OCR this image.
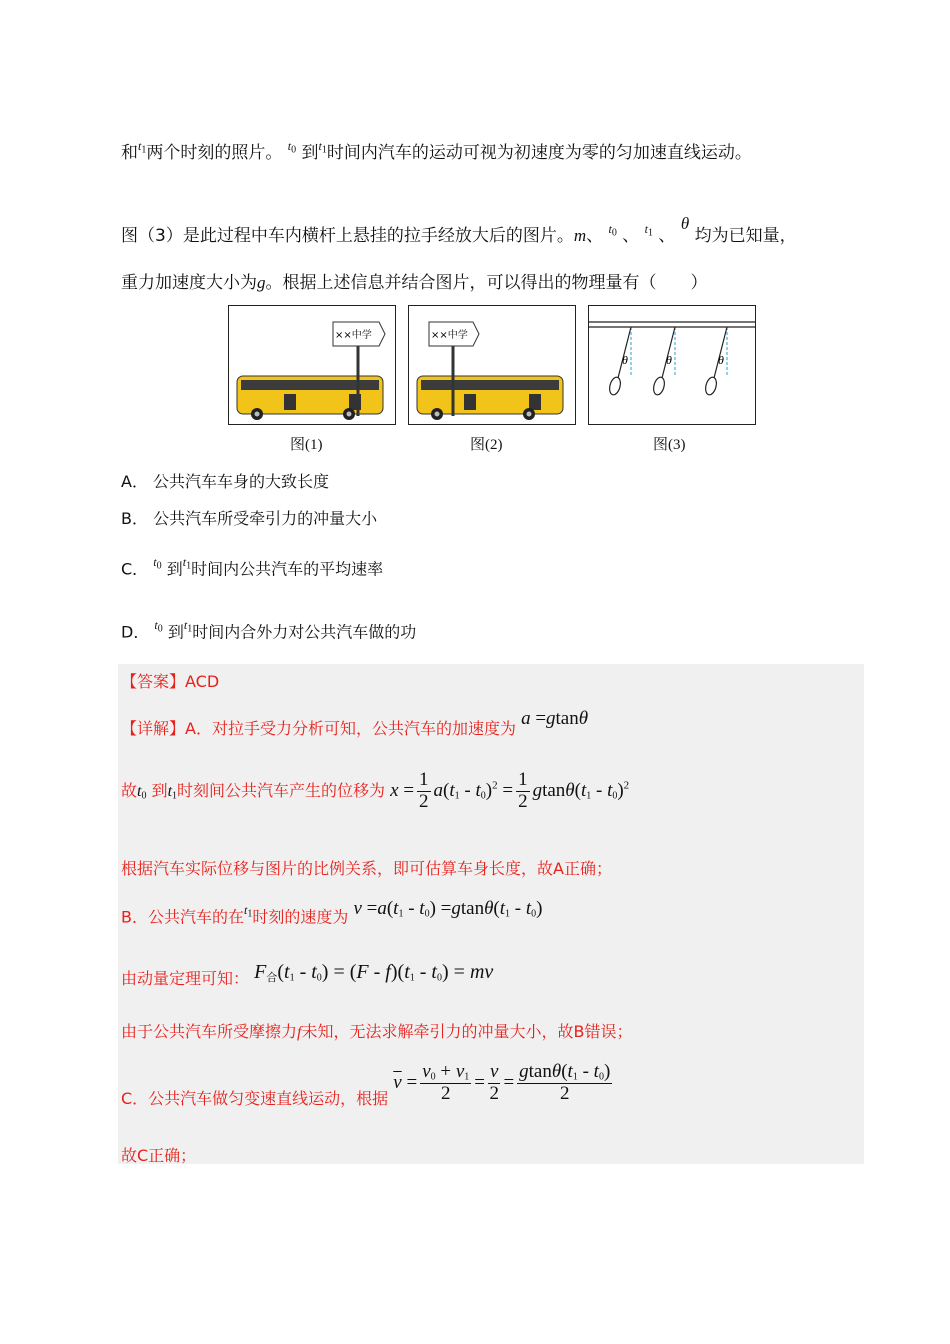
和$^{t_1}$两个时刻的照片。 $^{t_0}$ 到$^{t_1}$时间内汽车的运动可视为初速度为零的匀加速直线运动。
图（3）是此过程中车内横杆上悬挂的拉手经放大后的图片。m、 $^{t_0}$ 、 $^{t_1}$ 、 θ 均为已知量，
重力加速度大小为g。根据上述信息并结合图片，可以得出的物理量有（　　）
××中学	××中学
θ	θ	θ
图(1)	图(2)	图(3)
A． 公共汽车车身的大致长度
B． 公共汽车所受牵引力的冲量大小
C． $^{t_0}$ 到$^{t_1}$时间内公共汽车的平均速率
D． $^{t_0}$ 到$^{t_1}$时间内合外力对公共汽车做的功
【答案】ACD
【详解】A．对拉手受力分析可知，公共汽车的加速度为 a =gtanθ
故$t_0$ 到$t_1$时刻间公共汽车产生的位移为 $x = \frac{1}{2} a(t_1 - t_0)^2 = \frac{1}{2} gtan\theta(t_1 - t_0)^2$
根据汽车实际位移与图片的比例关系，即可估算车身长度，故A正确；
B．公共汽车的在$^{t_1}$时刻的速度为 $v =a(t_1 - t_0) =gtan\theta(t_1 - t_0)$
由动量定理可知： $F_合(t_1 - t_0) = (F - f)(t_1 - t_0)$ = mv
由于公共汽车所受摩擦力f未知，无法求解牵引力的冲量大小，故B错误；
C．公共汽车做匀变速直线运动，根据 $\overline{v} = \frac{v_0 + v_1}{2} = \frac{v}{2} = \frac{gtan\theta(t_1 - t_0)}{2}$
故C正确；
